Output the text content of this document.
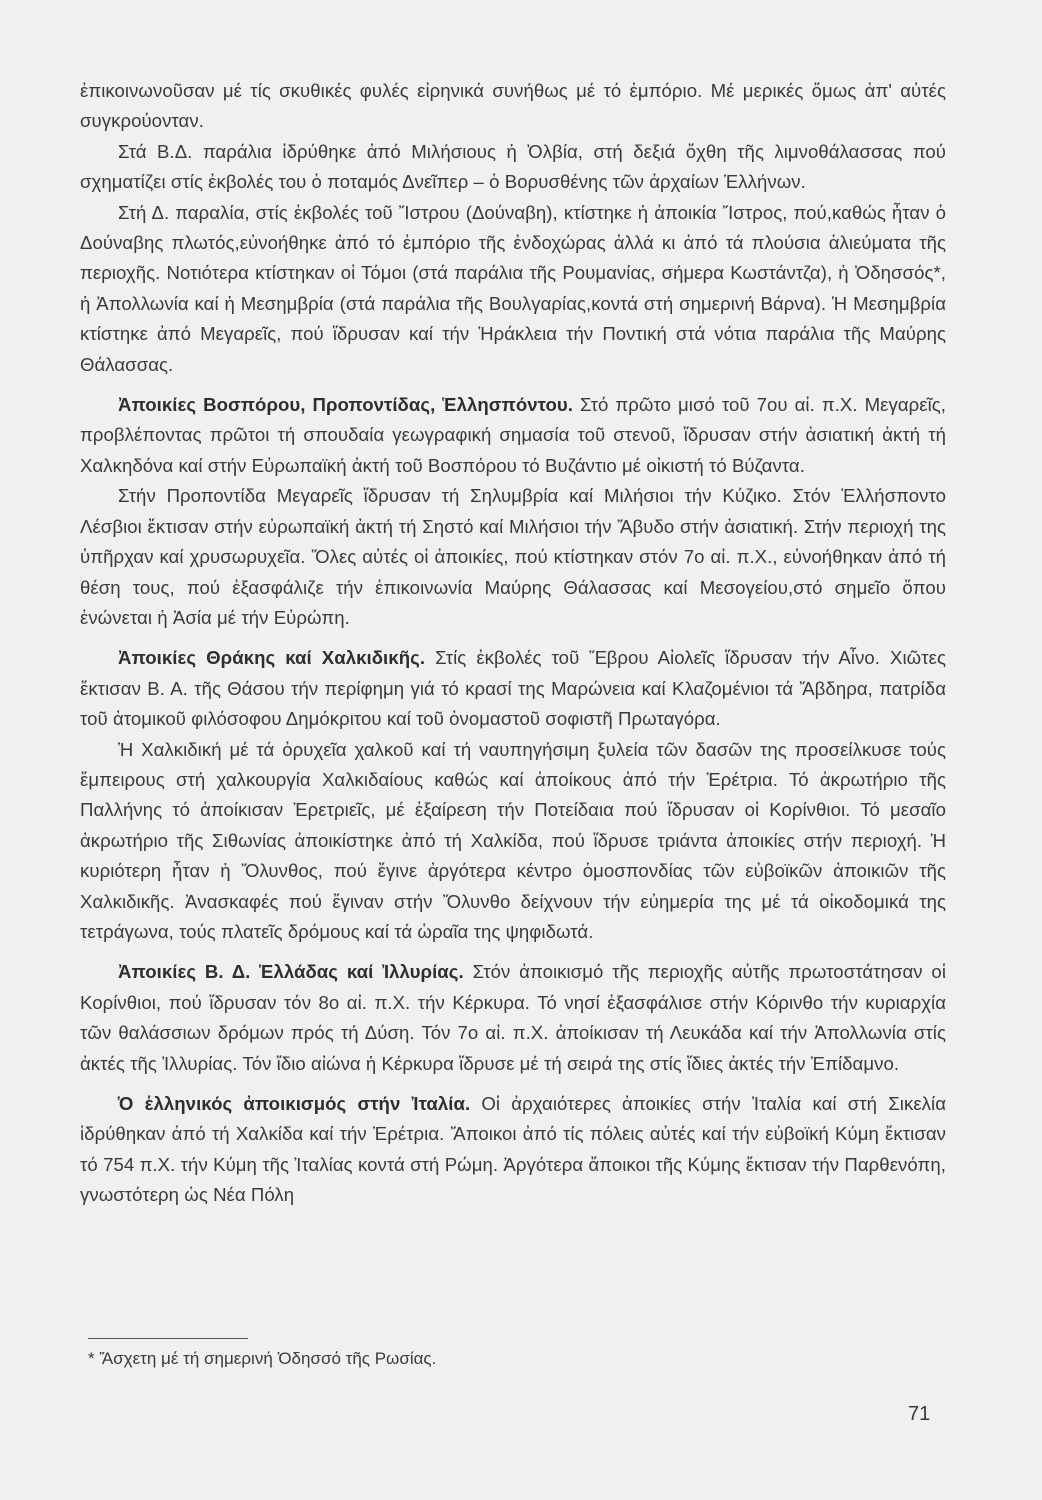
ἐπικοινωνοῦσαν μέ τίς σκυθικές φυλές εἰρηνικά συνήθως μέ τό ἐμπόριο. Μέ μερικές ὅμως ἀπ' αὐτές συγκρούονταν.

Στά Β.Δ. παράλια ἱδρύθηκε ἀπό Μιλήσιους ἡ Ὀλβία, στή δεξιά ὄχθη τῆς λιμνοθάλασσας πού σχηματίζει στίς ἐκβολές του ὁ ποταμός Δνεῖπερ – ὁ Βορυσθένης τῶν ἀρχαίων Ἑλλήνων.

Στή Δ. παραλία, στίς ἐκβολές τοῦ Ἴστρου (Δούναβη), κτίστηκε ἡ ἀποικία Ἴστρος, πού,καθώς ἦταν ὁ Δούναβης πλωτός,εὐνοήθηκε ἀπό τό ἐμπόριο τῆς ἐνδοχώρας ἀλλά κι ἀπό τά πλούσια ἁλιεύματα τῆς περιοχῆς. Νοτιότερα κτίστηκαν οἱ Τόμοι (στά παράλια τῆς Ρουμανίας, σήμερα Κωστάντζα), ἡ Ὀδησσός*, ἡ Ἀπολλωνία καί ἡ Μεσημβρία (στά παράλια τῆς Βουλγαρίας,κοντά στή σημερινή Βάρνα). Ἡ Μεσημβρία κτίστηκε ἀπό Μεγαρεῖς, πού ἵδρυσαν καί τήν Ἡράκλεια τήν Ποντική στά νότια παράλια τῆς Μαύρης Θάλασσας.

Ἀποικίες Βοσπόρου, Προποντίδας, Ἑλλησπόντου. Στό πρῶτο μισό τοῦ 7ου αἰ. π.Χ. Μεγαρεῖς, προβλέποντας πρῶτοι τή σπουδαία γεωγραφική σημασία τοῦ στενοῦ, ἵδρυσαν στήν ἀσιατική ἀκτή τή Χαλκηδόνα καί στήν Εὐρωπαϊκή ἀκτή τοῦ Βοσπόρου τό Βυζάντιο μέ οἰκιστή τό Βύζαντα.

Στήν Προποντίδα Μεγαρεῖς ἵδρυσαν τή Σηλυμβρία καί Μιλήσιοι τήν Κύζικο. Στόν Ἑλλήσποντο Λέσβιοι ἔκτισαν στήν εὐρωπαϊκή ἀκτή τή Σηστό καί Μιλήσιοι τήν Ἄβυδο στήν ἀσιατική. Στήν περιοχή της ὑπῆρχαν καί χρυσωρυχεῖα. Ὅλες αὐτές οἱ ἀποικίες, πού κτίστηκαν στόν 7ο αἰ. π.Χ., εὐνοήθηκαν ἀπό τή θέση τους, πού ἐξασφάλιζε τήν ἐπικοινωνία Μαύρης Θάλασσας καί Μεσογείου,στό σημεῖο ὅπου ἑνώνεται ἡ Ἀσία μέ τήν Εὐρώπη.

Ἀποικίες Θράκης καί Χαλκιδικῆς. Στίς ἐκβολές τοῦ Ἕβρου Αἰολεῖς ἵδρυσαν τήν Αἶνο. Χιῶτες ἔκτισαν Β. Α. τῆς Θάσου τήν περίφημη γιά τό κρασί της Μαρώνεια καί Κλαζομένιοι τά Ἄβδηρα, πατρίδα τοῦ ἀτομικοῦ φιλόσοφου Δημόκριτου καί τοῦ ὀνομαστοῦ σοφιστῆ Πρωταγόρα.

Ἡ Χαλκιδική μέ τά ὀρυχεῖα χαλκοῦ καί τή ναυπηγήσιμη ξυλεία τῶν δασῶν της προσείλκυσε τούς ἔμπειρους στή χαλκουργία Χαλκιδαίους καθώς καί ἀποίκους ἀπό τήν Ἐρέτρια. Τό ἀκρωτήριο τῆς Παλλήνης τό ἀποίκισαν Ἐρετριεῖς, μέ ἐξαίρεση τήν Ποτείδαια πού ἵδρυσαν οἱ Κορίνθιοι. Τό μεσαῖο ἀκρωτήριο τῆς Σιθωνίας ἀποικίστηκε ἀπό τή Χαλκίδα, πού ἵδρυσε τριάντα ἀποικίες στήν περιοχή. Ἡ κυριότερη ἦταν ἡ Ὄλυνθος, πού ἔγινε ἀργότερα κέντρο ὁμοσπονδίας τῶν εὐβοϊκῶν ἀποικιῶν τῆς Χαλκιδικῆς. Ἀνασκαφές πού ἔγιναν στήν Ὄλυνθο δείχνουν τήν εὐημερία της μέ τά οἰκοδομικά της τετράγωνα, τούς πλατεῖς δρόμους καί τά ὡραῖα της ψηφιδωτά.

Ἀποικίες Β. Δ. Ἑλλάδας καί Ἰλλυρίας. Στόν ἀποικισμό τῆς περιοχῆς αὐτῆς πρωτοστάτησαν οἱ Κορίνθιοι, πού ἵδρυσαν τόν 8ο αἰ. π.Χ. τήν Κέρκυρα. Τό νησί ἐξασφάλισε στήν Κόρινθο τήν κυριαρχία τῶν θαλάσσιων δρόμων πρός τή Δύση. Τόν 7ο αἰ. π.Χ. ἀποίκισαν τή Λευκάδα καί τήν Ἀπολλωνία στίς ἀκτές τῆς Ἰλλυρίας. Τόν ἴδιο αἰώνα ἡ Κέρκυρα ἵδρυσε μέ τή σειρά της στίς ἴδιες ἀκτές τήν Ἐπίδαμνο.

Ὁ ἑλληνικός ἀποικισμός στήν Ἰταλία. Οἱ ἀρχαιότερες ἀποικίες στήν Ἰταλία καί στή Σικελία ἱδρύθηκαν ἀπό τή Χαλκίδα καί τήν Ἐρέτρια. Ἄποικοι ἀπό τίς πόλεις αὐτές καί τήν εὐβοϊκή Κύμη ἔκτισαν τό 754 π.Χ. τήν Κύμη τῆς Ἰταλίας κοντά στή Ρώμη. Ἀργότερα ἄποικοι τῆς Κύμης ἔκτισαν τήν Παρθενόπη, γνωστότερη ὡς Νέα Πόλη

* Ἄσχετη μέ τή σημερινή Ὀδησσό τῆς Ρωσίας.
71
